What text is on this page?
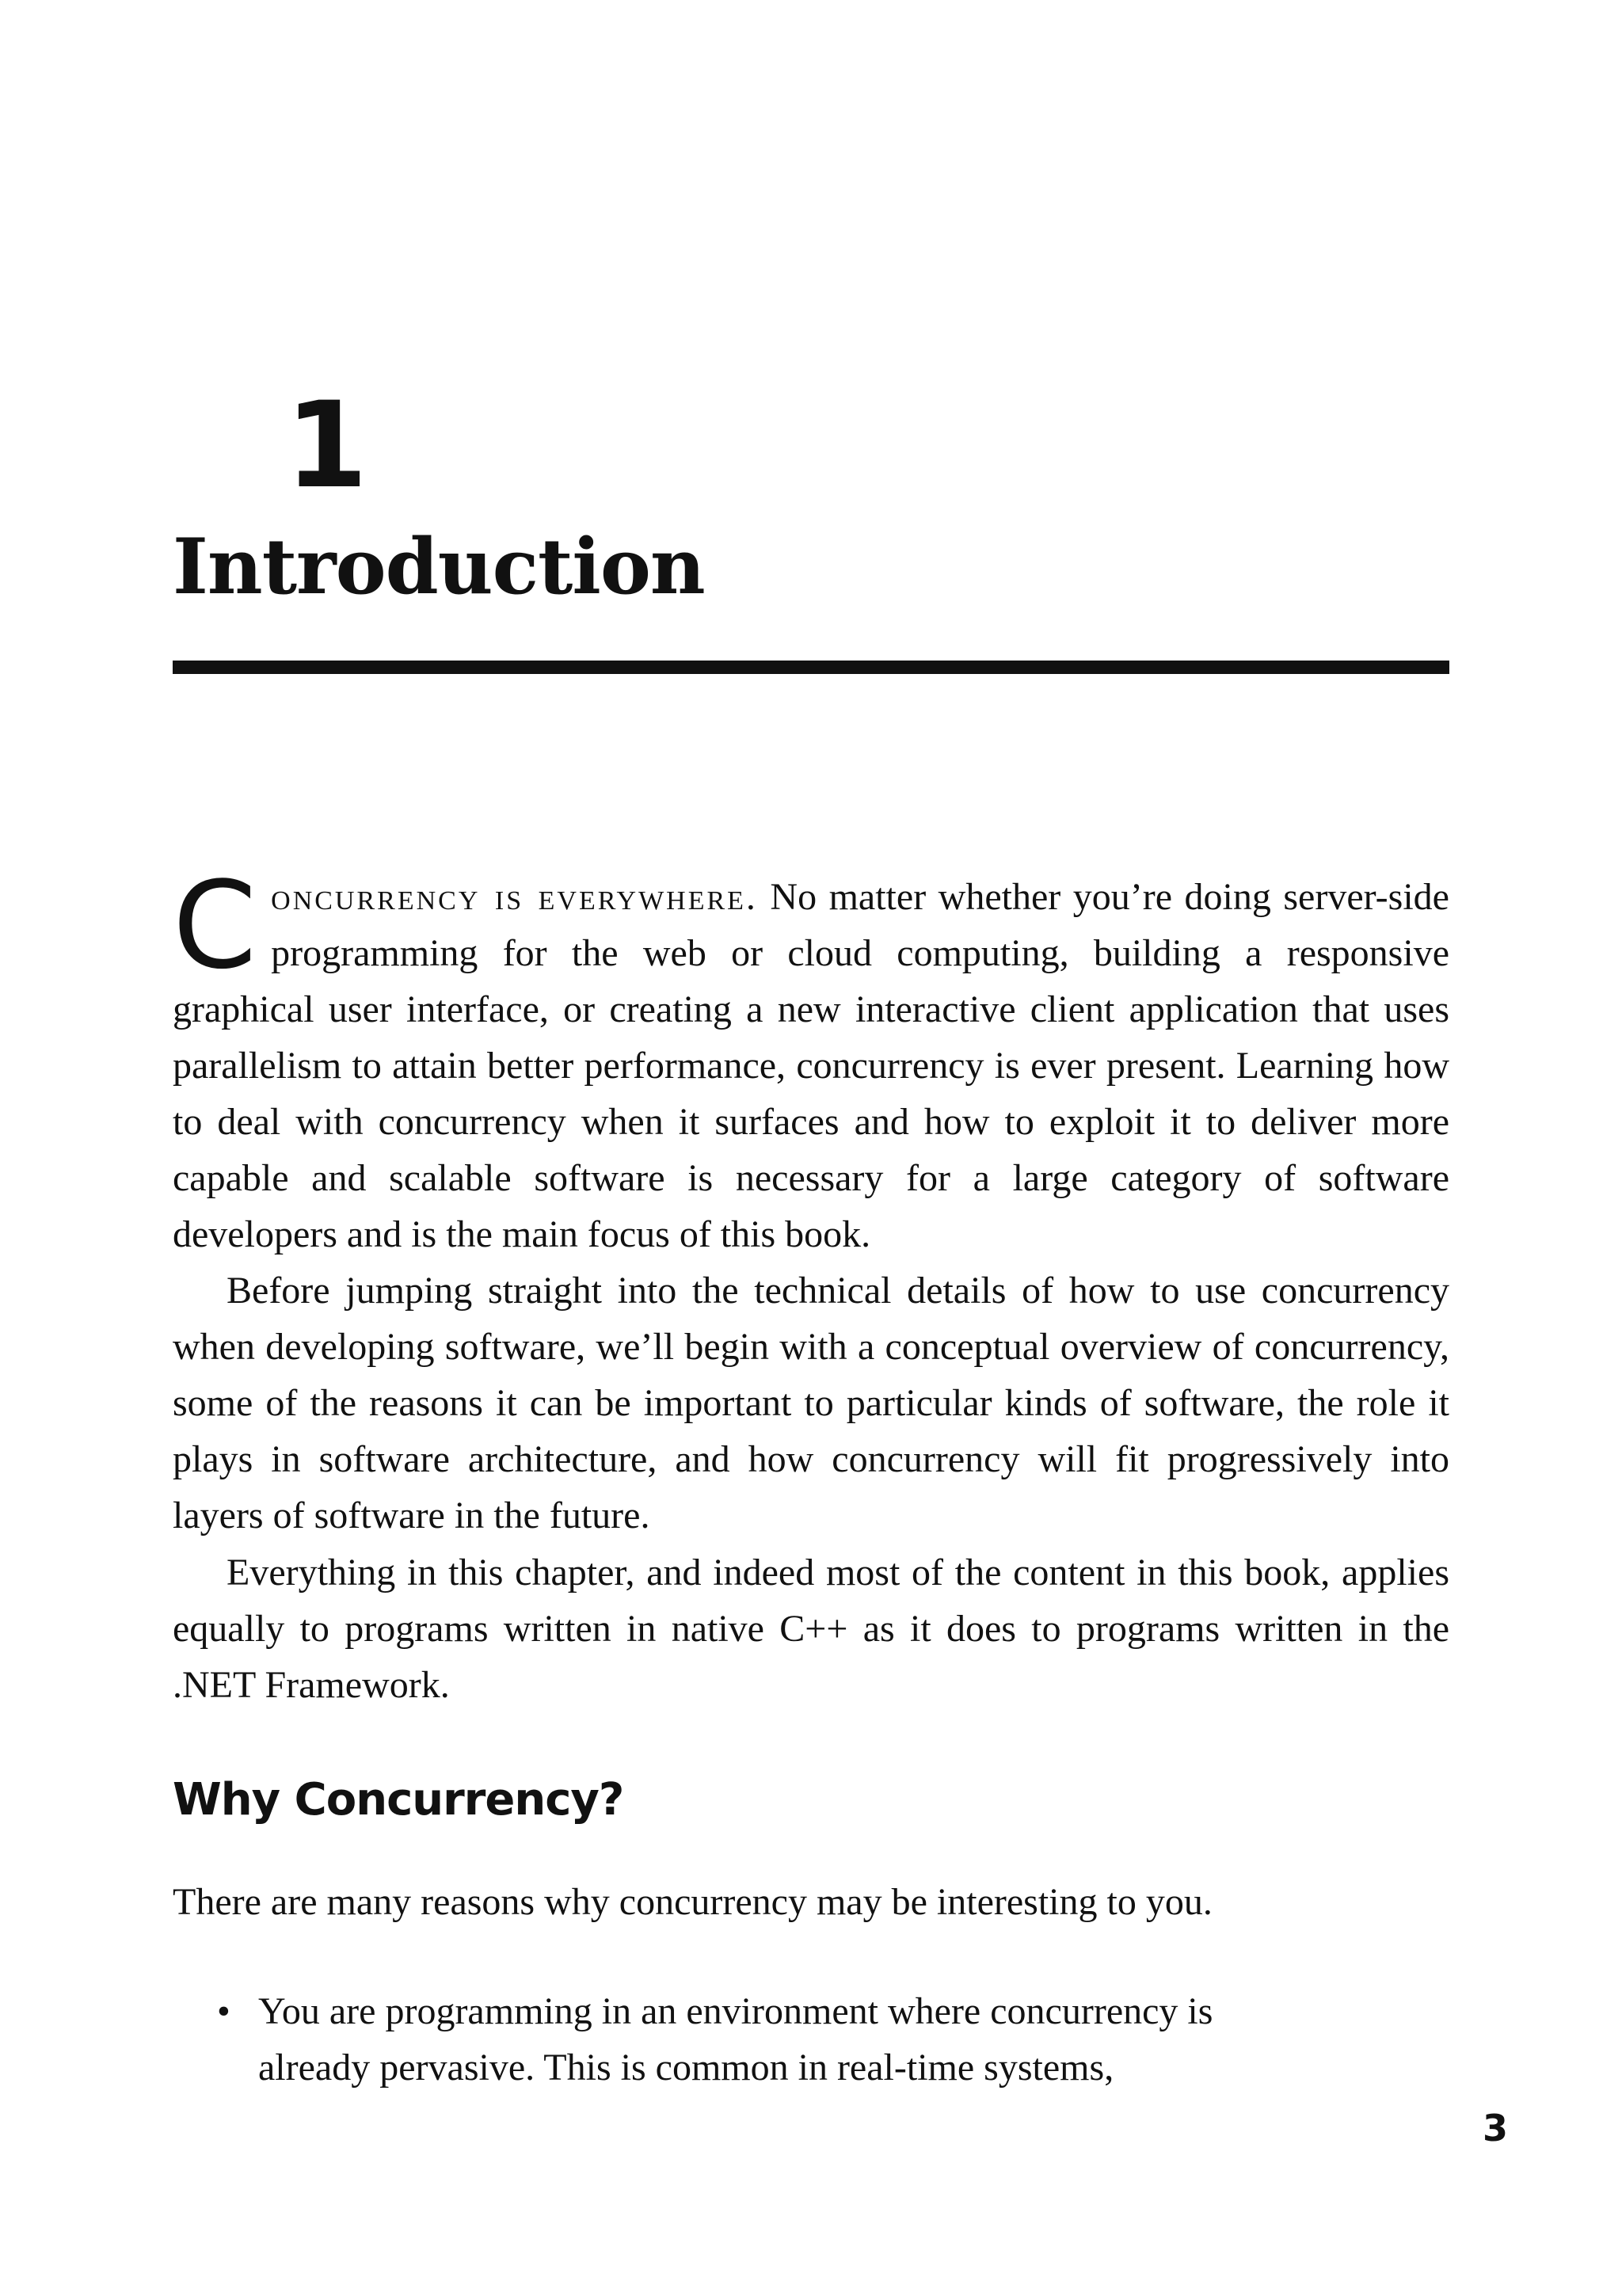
1
Introduction

Concurrency is everywhere. No matter whether you’re doing server-side programming for the web or cloud computing, building a responsive graphical user interface, or creating a new interactive client application that uses parallelism to attain better performance, concurrency is ever present. Learning how to deal with concurrency when it surfaces and how to exploit it to deliver more capable and scalable software is necessary for a large category of software developers and is the main focus of this book.

Before jumping straight into the technical details of how to use concurrency when developing software, we’ll begin with a conceptual overview of concurrency, some of the reasons it can be important to particular kinds of software, the role it plays in software architecture, and how concurrency will fit progressively into layers of software in the future.

Everything in this chapter, and indeed most of the content in this book, applies equally to programs written in native C++ as it does to programs written in the .NET Framework.

Why Concurrency?

There are many reasons why concurrency may be interesting to you.

• You are programming in an environment where concurrency is already pervasive. This is common in real-time systems,
3
